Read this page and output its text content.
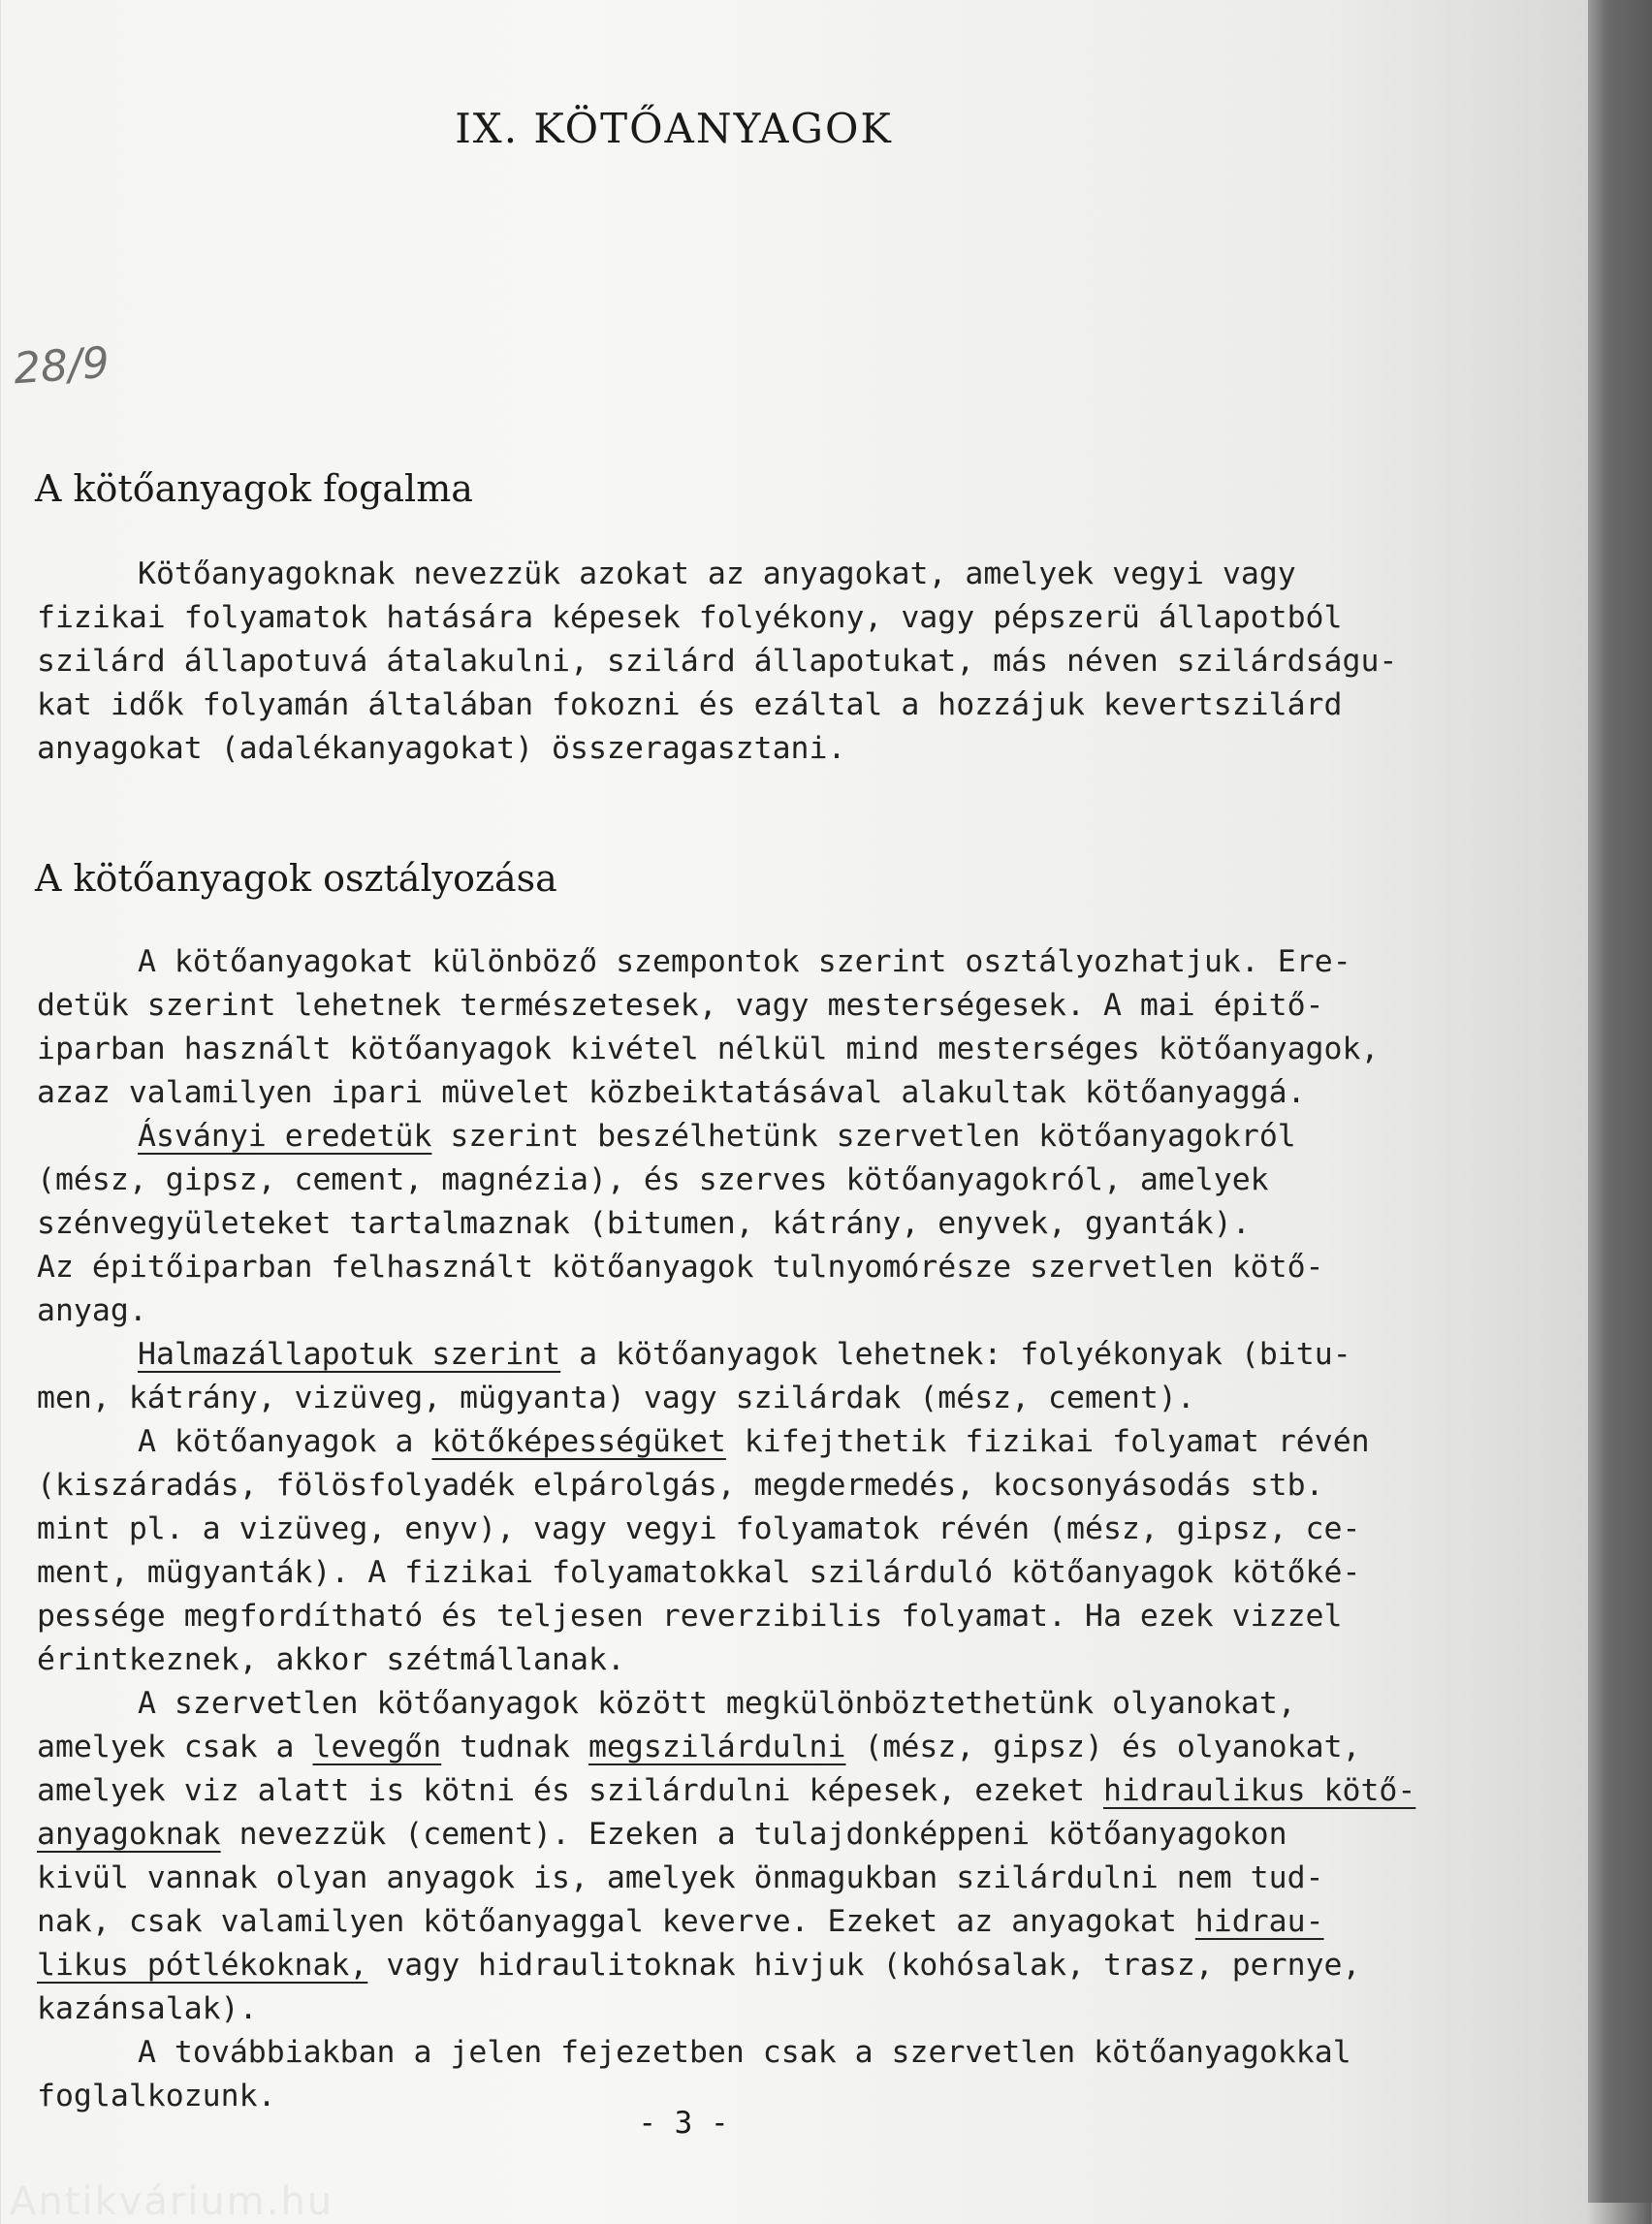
IX. KÖTŐANYAGOK
28/9
A kötőanyagok fogalma
Kötőanyagoknak nevezzük azokat az anyagokat, amelyek vegyi vagy
fizikai folyamatok hatására képesek folyékony, vagy pépszerü állapotból
szilárd állapotuvá átalakulni, szilárd állapotukat, más néven szilárdságu-
kat idők folyamán általában fokozni és ezáltal a hozzájuk kevertszilárd
anyagokat (adalékanyagokat) összeragasztani.
A kötőanyagok osztályozása
A kötőanyagokat különböző szempontok szerint osztályozhatjuk. Ere-
detük szerint lehetnek természetesek, vagy mesterségesek. A mai épitő-
iparban használt kötőanyagok kivétel nélkül mind mesterséges kötőanyagok,
azaz valamilyen ipari müvelet közbeiktatásával alakultak kötőanyaggá.
Ásványi eredetük szerint beszélhetünk szervetlen kötőanyagokról
(mész, gipsz, cement, magnézia), és szerves kötőanyagokról, amelyek
szénvegyületeket tartalmaznak (bitumen, kátrány, enyvek, gyanták).
Az épitőiparban felhasznált kötőanyagok tulnyomórésze szervetlen kötő-
anyag.
Halmazállapotuk szerint a kötőanyagok lehetnek: folyékonyak (bitu-
men, kátrány, vizüveg, mügyanta) vagy szilárdak (mész, cement).
A kötőanyagok a kötőképességüket kifejthetik fizikai folyamat révén
(kiszáradás, fölösfolyadék elpárolgás, megdermedés, kocsonyásodás stb.
mint pl. a vizüveg, enyv), vagy vegyi folyamatok révén (mész, gipsz, ce-
ment, mügyanták). A fizikai folyamatokkal szilárduló kötőanyagok kötőké-
pessége megfordítható és teljesen reverzibilis folyamat. Ha ezek vizzel
érintkeznek, akkor szétmállanak.
A szervetlen kötőanyagok között megkülönböztethetünk olyanokat,
amelyek csak a levegőn tudnak megszilárdulni (mész, gipsz) és olyanokat,
amelyek viz alatt is kötni és szilárdulni képesek, ezeket hidraulikus kötő-
anyagoknak nevezzük (cement). Ezeken a tulajdonképpeni kötőanyagokon
kivül vannak olyan anyagok is, amelyek önmagukban szilárdulni nem tud-
nak, csak valamilyen kötőanyaggal keverve. Ezeket az anyagokat hidrau-
likus pótlékoknak, vagy hidraulitoknak hivjuk (kohósalak, trasz, pernye,
kazánsalak).
A továbbiakban a jelen fejezetben csak a szervetlen kötőanyagokkal
foglalkozunk.
- 3 -
Antikvárium.hu
